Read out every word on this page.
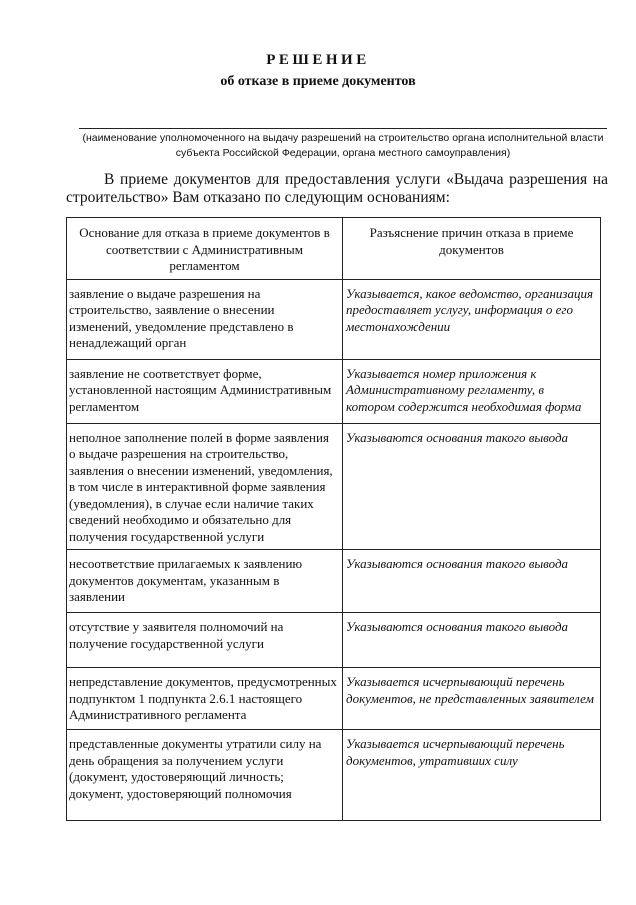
РЕШЕНИЕ
об отказе в приеме документов
(наименование уполномоченного на выдачу разрешений на строительство органа исполнительной власти субъекта Российской Федерации, органа местного самоуправления)
В приеме документов для предоставления услуги «Выдача разрешения на строительство» Вам отказано по следующим основаниям:
Основание для отказа в приеме документов в соответствии с Административным регламентом	Разъяснение причин отказа в приеме документов
заявление о выдаче разрешения на строительство, заявление о внесении изменений, уведомление представлено в ненадлежащий орган	Указывается, какое ведомство, организация предоставляет услугу, информация о его местонахождении
заявление не соответствует форме, установленной настоящим Административным регламентом	Указывается номер приложения к Административному регламенту, в котором содержится необходимая форма
неполное заполнение полей в форме заявления о выдаче разрешения на строительство, заявления о внесении изменений, уведомления, в том числе в интерактивной форме заявления (уведомления), в случае если наличие таких сведений необходимо и обязательно для получения государственной услуги	Указываются основания такого вывода
несоответствие прилагаемых к заявлению документов документам, указанным в заявлении	Указываются основания такого вывода
отсутствие у заявителя полномочий на получение государственной услуги	Указываются основания такого вывода
непредставление документов, предусмотренных подпунктом 1 подпункта 2.6.1 настоящего Административного регламента	Указывается исчерпывающий перечень документов, не представленных заявителем
представленные документы утратили силу на день обращения за получением услуги (документ, удостоверяющий личность; документ, удостоверяющий полномочия	Указывается исчерпывающий перечень документов, утративших силу
